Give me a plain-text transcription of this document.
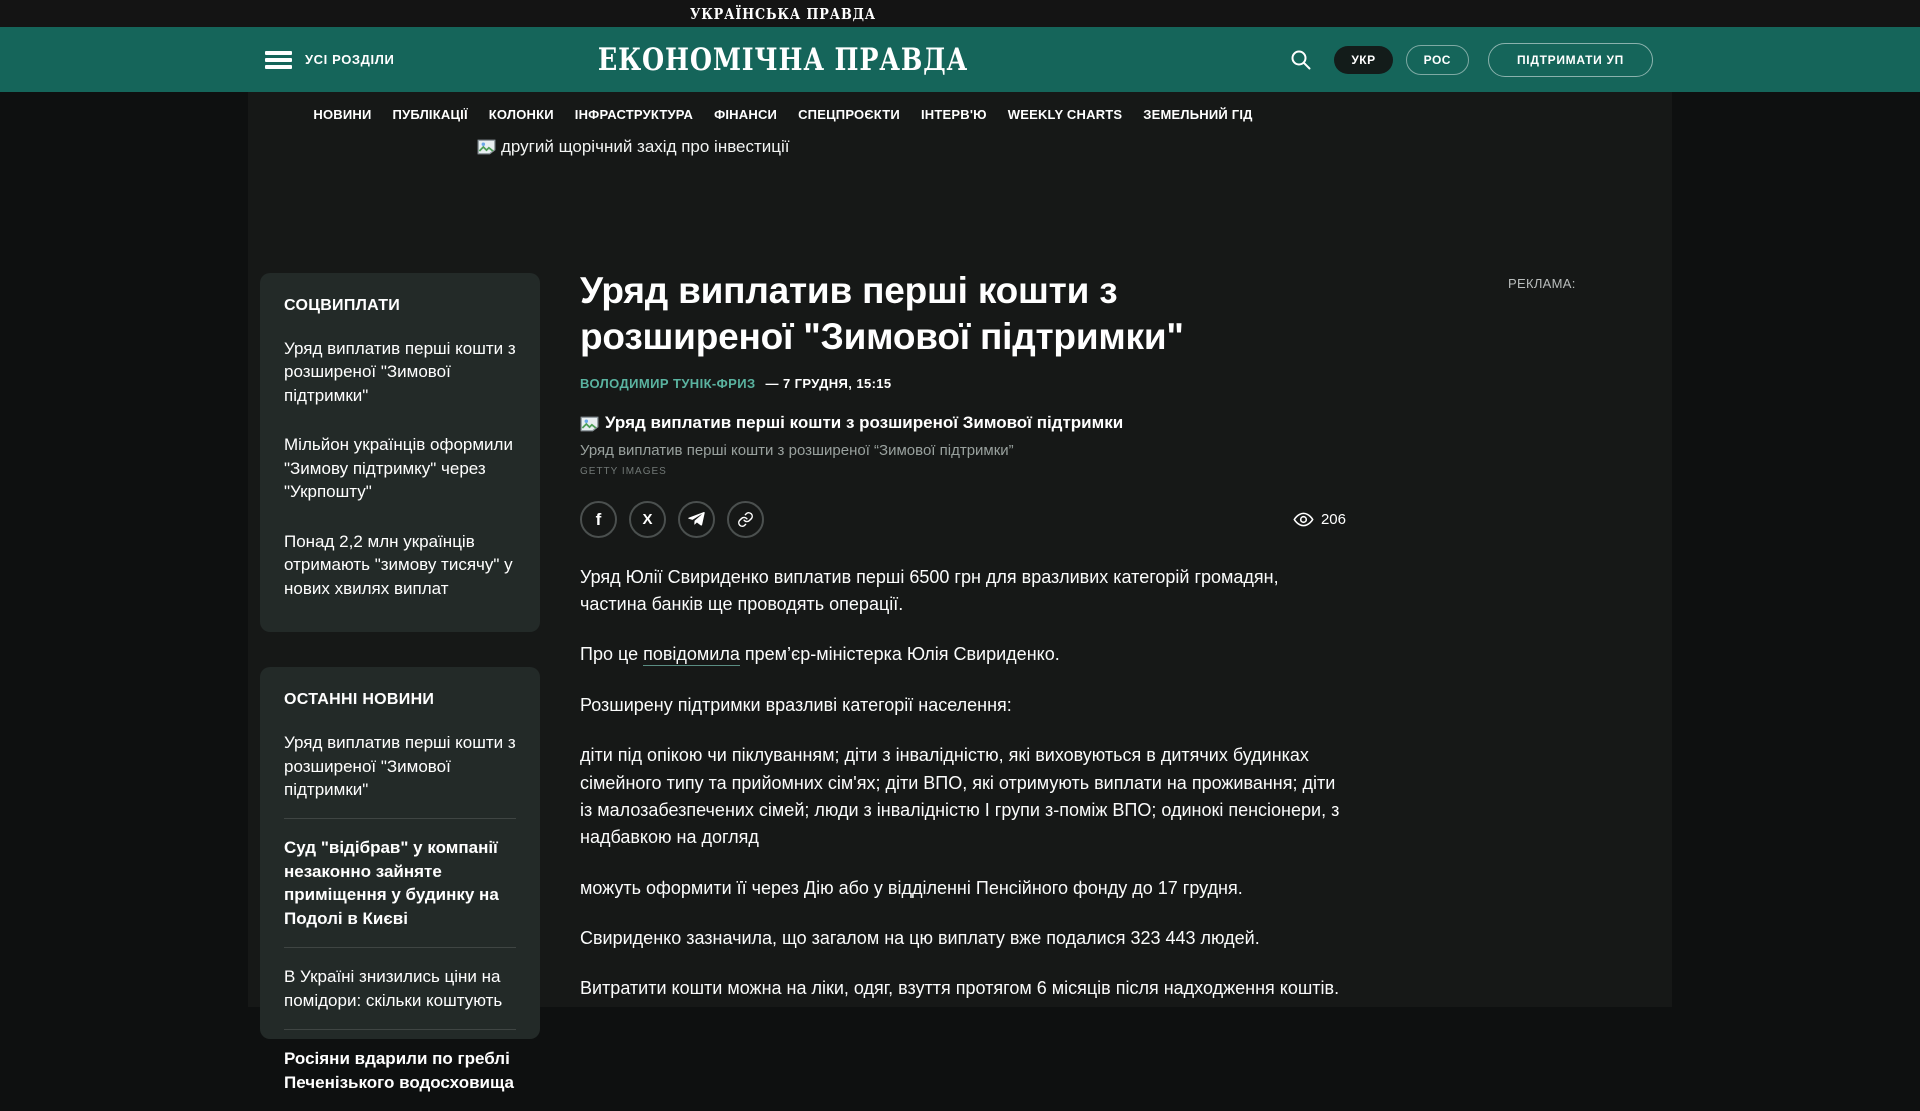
УКРАЇНСЬКА ПРАВДА
УСІ РОЗДІЛИ	ЕКОНОМІЧНА ПРАВДА	УКР	РОС	ПІДТРИМАТИ УП
НОВИНИ ПУБЛІКАЦІЇ КОЛОНКИ ІНФРАСТРУКТУРА ФІНАНСИ СПЕЦПРОЄКТИ ІНТЕРВ'Ю WEEKLY CHARTS ЗЕМЕЛЬНИЙ ГІД
другий щорічний захід про інвестиції
СОЦВИПЛАТИ
Уряд виплатив перші кошти з розширеної "Зимової підтримки"
Мільйон українців оформили "Зимову підтримку" через "Укрпошту"
Понад 2,2 млн українців отримають "зимову тисячу" у нових хвилях виплат
ОСТАННІ НОВИНИ
Уряд виплатив перші кошти з розширеної "Зимової підтримки"
Суд "відібрав" у компанії незаконно зайняте приміщення у будинку на Подолі в Києві
В Україні знизились ціни на помідори: скільки коштують
Росіяни вдарили по греблі Печенізького водосховища
Уряд виплатив перші кошти з розширеної "Зимової підтримки"
ВОЛОДИМИР ТУНІК-ФРИЗ — 7 ГРУДНЯ, 15:15
Уряд виплатив перші кошти з розширеної Зимової підтримки
Уряд виплатив перші кошти з розширеної “Зимової підтримки”
GETTY IMAGES
f	X	206

Уряд Юлії Свириденко виплатив перші 6500 грн для вразливих категорій громадян, частина банків ще проводять операції.

Про це повідомила прем’єр-міністерка Юлія Свириденко.

Розширену підтримки вразливі категорії населення:

діти під опікою чи піклуванням; діти з інвалідністю, які виховуються в дитячих будинках сімейного типу та прийомних сім'ях; діти ВПО, які отримують виплати на проживання; діти із малозабезпечених сімей; люди з інвалідністю І групи з-поміж ВПО; одинокі пенсіонери, з надбавкою на догляд

можуть оформити її через Дію або у відділенні Пенсійного фонду до 17 грудня.

Свириденко зазначила, що загалом на цю виплату вже подалися 323 443 людей.

Витратити кошти можна на ліки, одяг, взуття протягом 6 місяців після надходження коштів.

РЕКЛАМА:
